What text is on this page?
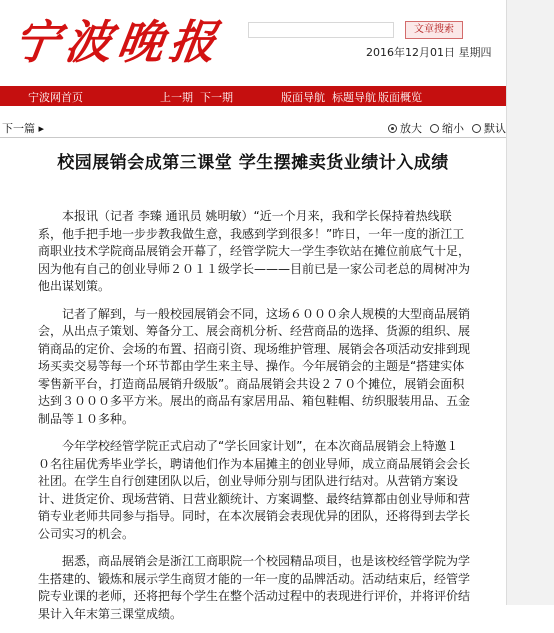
宁波晚报	文章搜索
2016年12月01日 星期四
宁波网首页	上一期 下一期	版面导航 标题导航 版面概览
下一篇 ▸	放大	缩小	默认
校园展销会成第三课堂 学生摆摊卖货业绩计入成绩

本报讯（记者 李臻 通讯员 姚明敏）“近一个月来，我和学长保持着热线联系，他手把手地一步步教我做生意，我感到学到很多！”昨日，一年一度的浙江工商职业技术学院商品展销会开幕了，经管学院大一学生李钦站在摊位前底气十足，因为他有自己的创业导师２０１１级学长———目前已是一家公司老总的周树冲为他出谋划策。

记者了解到，与一般校园展销会不同，这场６０００余人规模的大型商品展销会，从出点子策划、筹备分工、展会商机分析、经营商品的选择、货源的组织、展销商品的定价、会场的布置、招商引资、现场维护管理、展销会各项活动安排到现场买卖交易等每一个环节都由学生来主导、操作。今年展销会的主题是“搭建实体零售新平台，打造商品展销升级版”。商品展销会共设２７０个摊位，展销会面积达到３０００多平方米。展出的商品有家居用品、箱包鞋帽、纺织服装用品、五金制品等１０多种。

今年学校经管学院正式启动了“学长回家计划”，在本次商品展销会上特邀１０名往届优秀毕业学长，聘请他们作为本届摊主的创业导师，成立商品展销会会长社团。在学生自行创建团队以后，创业导师分别与团队进行结对。从营销方案设计、进货定价、现场营销、日营业额统计、方案调整、最终结算都由创业导师和营销专业老师共同参与指导。同时，在本次展销会表现优异的团队，还将得到去学长公司实习的机会。

据悉，商品展销会是浙江工商职院一个校园精品项目，也是该校经管学院为学生搭建的、锻炼和展示学生商贸才能的一年一度的品牌活动。活动结束后，经管学院专业课的老师，还将把每个学生在整个活动过程中的表现进行评价，并将评价结果计入年末第三课堂成绩。
